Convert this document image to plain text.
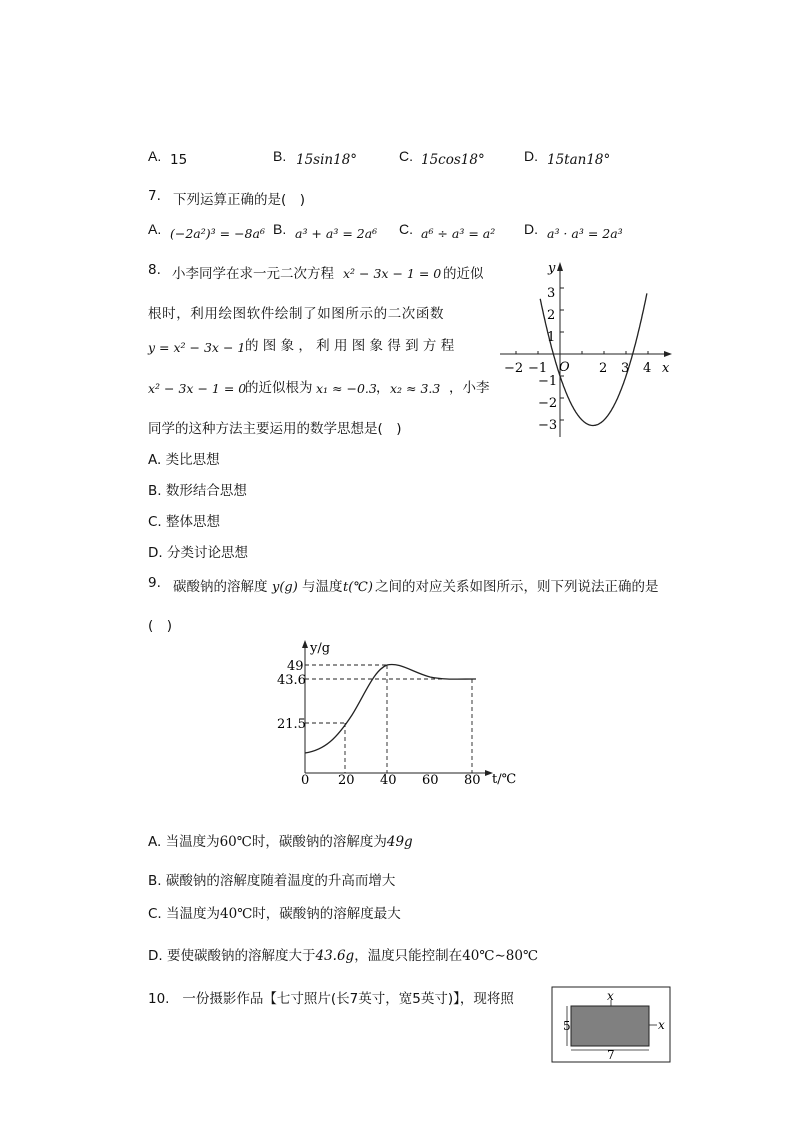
A. 15	B. 15sin18°	C. 15cos18°	D. 15tan18°
7. 下列运算正确的是(　)
A. (−2a²)³ = −8a⁶ B. a³ + a³ = 2a⁶ C. a⁶ ÷ a³ = a² D. a³ · a³ = 2a³
8. 小李同学在求一元二次方程 x² − 3x − 1 = 0 的近似
根时，利用绘图软件绘制了如图所示的二次函数
y = x² − 3x − 1 的 图 象 ， 利 用 图 象 得 到 方 程
x² − 3x − 1 = 0
的近似根为 x₁ ≈ −0.3 ， x₂ ≈ 3.3 ，小李
同学的这种方法主要运用的数学思想是(　)
A. 类比思想
B. 数形结合思想
C. 整体思想
D. 分类讨论思想
y
x
O
−2 −1	2 3 4
3
2
1
−1
−2
−3
9. 碳酸钠的溶解度 y(g) 与温度 t(℃) 之间的对应关系如图所示，则下列说法正确的是
(　)
y/g
t/℃
49
43.6
21.5
0 20 40 60 80
A. 当温度为60℃时，碳酸钠的溶解度为49g
B. 碳酸钠的溶解度随着温度的升高而增大
C. 当温度为40℃时，碳酸钠的溶解度最大
D. 要使碳酸钠的溶解度大于43.6g，温度只能控制在40℃∼80℃
10. 一份摄影作品【七寸照片(长7英寸，宽5英寸)】，现将照	x
x
5
7
